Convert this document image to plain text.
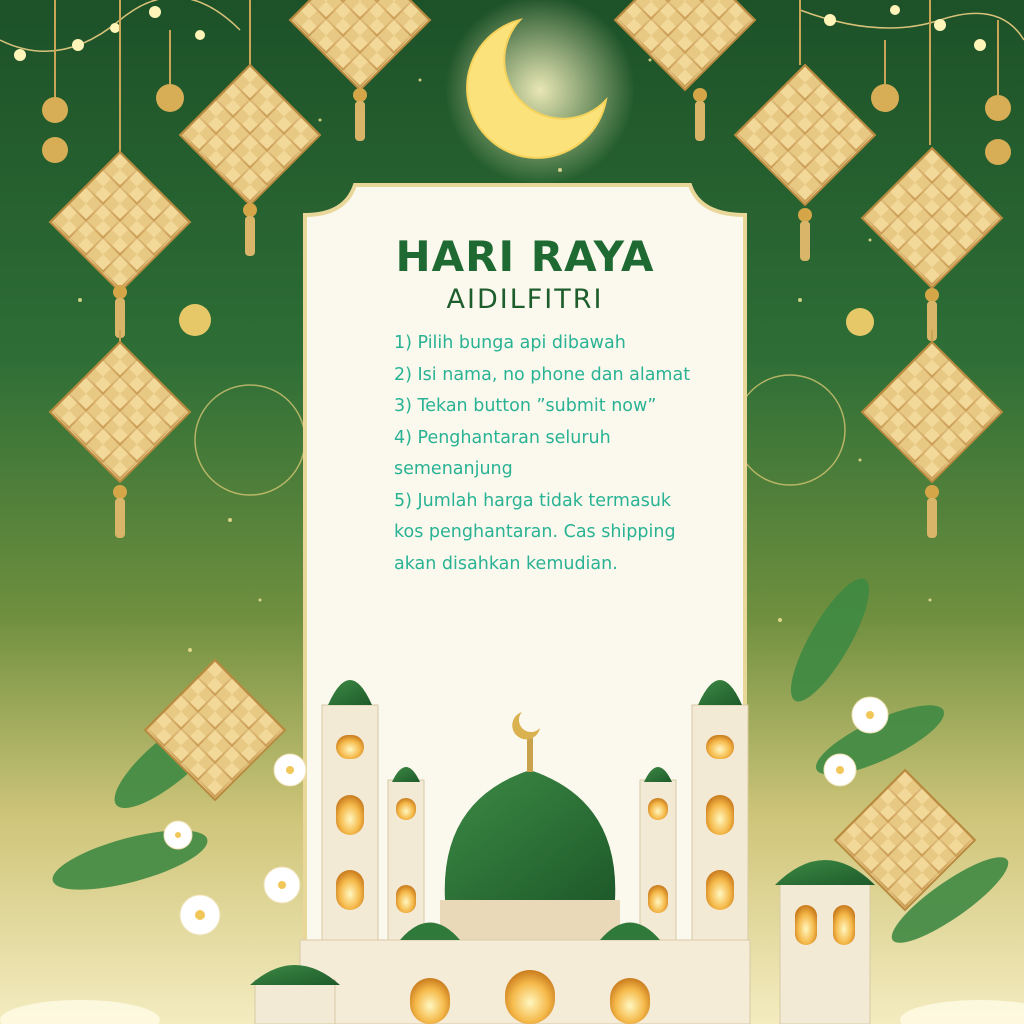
HARI RAYA
AIDILFITRI
1) Pilih bunga api dibawah
2) Isi nama, no phone dan alamat
3) Tekan button ”submit now”
4) Penghantaran seluruh semenanjung
5) Jumlah harga tidak termasuk kos penghantaran. Cas shipping akan disahkan kemudian.
